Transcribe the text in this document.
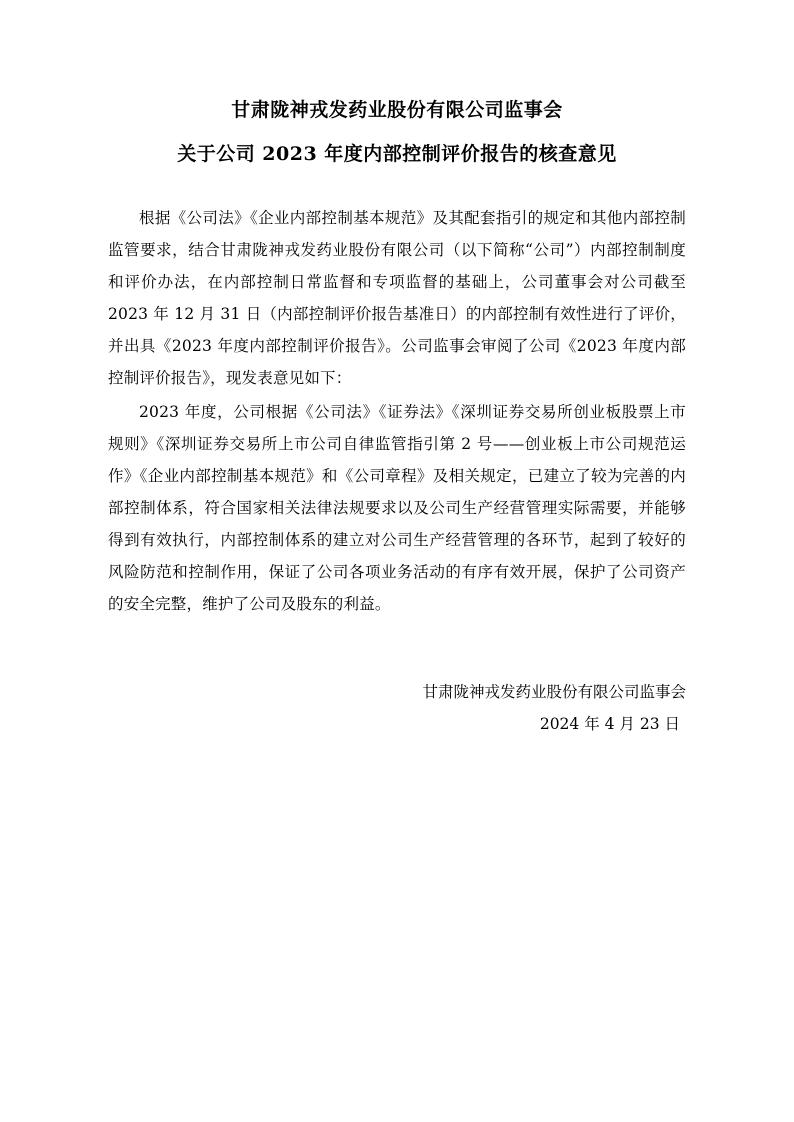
甘肃陇神戎发药业股份有限公司监事会
关于公司 2023 年度内部控制评价报告的核查意见

根据《公司法》《企业内部控制基本规范》及其配套指引的规定和其他内部控制监管要求，结合甘肃陇神戎发药业股份有限公司（以下简称“公司”）内部控制制度和评价办法，在内部控制日常监督和专项监督的基础上，公司董事会对公司截至 2023 年 12 月 31 日（内部控制评价报告基准日）的内部控制有效性进行了评价，并出具《2023 年度内部控制评价报告》。公司监事会审阅了公司《2023 年度内部控制评价报告》，现发表意见如下：

2023 年度，公司根据《公司法》《证券法》《深圳证券交易所创业板股票上市规则》《深圳证券交易所上市公司自律监管指引第 2 号——创业板上市公司规范运作》《企业内部控制基本规范》和《公司章程》及相关规定，已建立了较为完善的内部控制体系，符合国家相关法律法规要求以及公司生产经营管理实际需要，并能够得到有效执行，内部控制体系的建立对公司生产经营管理的各环节，起到了较好的风险防范和控制作用，保证了公司各项业务活动的有序有效开展，保护了公司资产的安全完整，维护了公司及股东的利益。

甘肃陇神戎发药业股份有限公司监事会
2024 年 4 月 23 日
